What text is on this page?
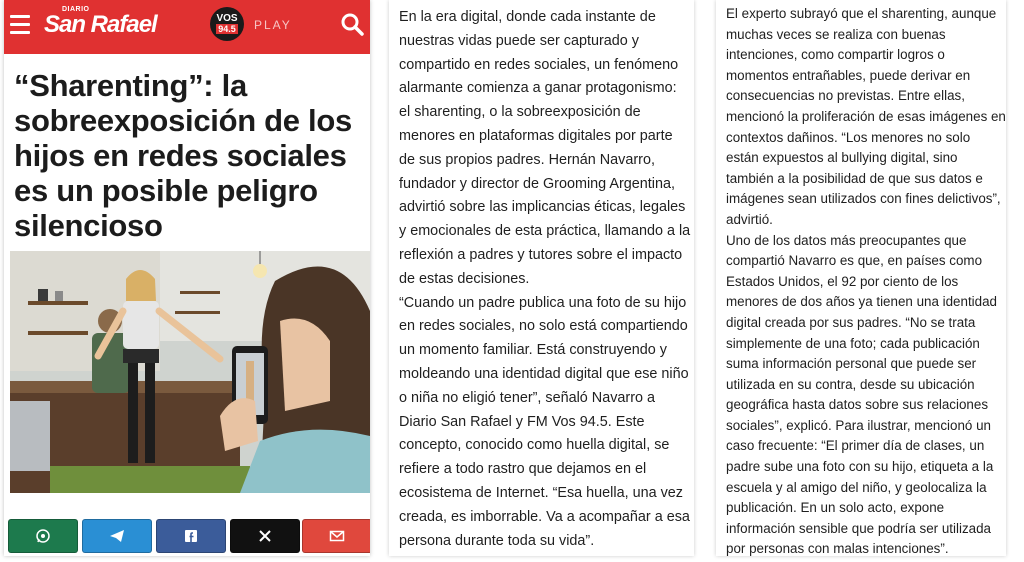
DIARIO
San Rafael	VOS
94.5 PLAY
“Sharenting”: la sobreexposición de los hijos en redes sociales es un posible peligro silencioso

En la era digital, donde cada instante de nuestras vidas puede ser capturado y compartido en redes sociales, un fenómeno alarmante comienza a ganar protagonismo: el sharenting, o la sobreexposición de menores en plataformas digitales por parte de sus propios padres. Hernán Navarro, fundador y director de Grooming Argentina, advirtió sobre las implicancias éticas, legales y emocionales de esta práctica, llamando a la reflexión a padres y tutores sobre el impacto de estas decisiones.

“Cuando un padre publica una foto de su hijo en redes sociales, no solo está compartiendo un momento familiar. Está construyendo y moldeando una identidad digital que ese niño o niña no eligió tener”, señaló Navarro a Diario San Rafael y FM Vos 94.5. Este concepto, conocido como huella digital, se refiere a todo rastro que dejamos en el ecosistema de Internet. “Esa huella, una vez creada, es imborrable. Va a acompañar a esa persona durante toda su vida”.

El experto subrayó que el sharenting, aunque muchas veces se realiza con buenas intenciones, como compartir logros o momentos entrañables, puede derivar en consecuencias no previstas. Entre ellas, mencionó la proliferación de esas imágenes en contextos dañinos. “Los menores no solo están expuestos al bullying digital, sino también a la posibilidad de que sus datos e imágenes sean utilizados con fines delictivos”, advirtió.

Uno de los datos más preocupantes que compartió Navarro es que, en países como Estados Unidos, el 92 por ciento de los menores de dos años ya tienen una identidad digital creada por sus padres. “No se trata simplemente de una foto; cada publicación suma información personal que puede ser utilizada en su contra, desde su ubicación geográfica hasta datos sobre sus relaciones sociales”, explicó. Para ilustrar, mencionó un caso frecuente: “El primer día de clases, un padre sube una foto con su hijo, etiqueta a la escuela y al amigo del niño, y geolocaliza la publicación. En un solo acto, expone información sensible que podría ser utilizada por personas con malas intenciones”.
